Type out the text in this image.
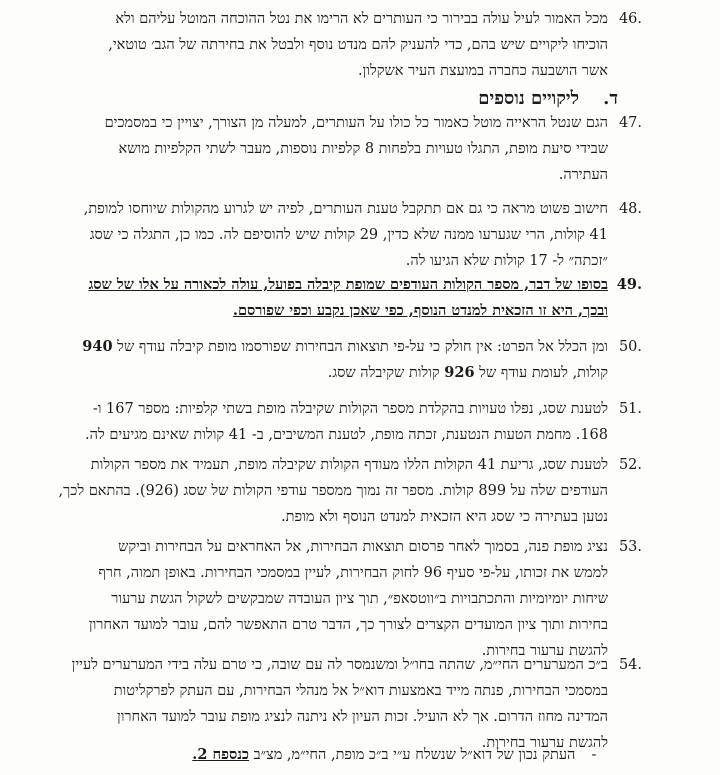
46.
מכל האמור לעיל עולה בבירור כי העותרים לא הרימו את נטל ההוכחה המוטל עליהם ולא
הוכיחו ליקויים שיש בהם, כדי להעניק להם מנדט נוסף ולבטל את בחירתה של הגב׳ טוטאי,
אשר הושבעה כחברה במועצת העיר אשקלון.
ד.ליקויים נוספים
47.
הגם שנטל הראייה מוטל כאמור כל כולו על העותרים, למעלה מן הצורך, יצויין כי במסמכים
שבידי סיעת מופת, התגלו טעויות בלפחות 8 קלפיות נוספות, מעבר לשתי הקלפיות מושא
העתירה.
48.
חישוב פשוט מראה כי גם אם תתקבל טענת העותרים, לפיה יש לגרוע מהקולות שיוחסו למופת,
41 קולות, הרי שגערעו ממנה שלא כדין, 29 קולות שיש להוסיפם לה. כמו כן, התגלה כי שסג
״זכתה״ ל- 17 קולות שלא הגיעו לה.
49.
בסופו של דבר, מספר הקולות העודפים שמופת קיבלה בפועל, עולה לכאורה על אלו של שסג
ובכך, היא זו הזכאית למנדט הנוסף, כפי שאכן נקבע וכפי שפורסם.
50.
ומן הכלל אל הפרט: אין חולק כי על-פי תוצאות הבחירות שפורסמו מופת קיבלה עודף של 940
קולות, לעומת עודף של 926 קולות שקיבלה שסג.
51.
לטענת שסג, נפלו טעויות בהקלדת מספר הקולות שקיבלה מופת בשתי קלפיות: מספר 167 ו-
168. מחמת הטעות הנטענת, זכתה מופת, לטענת המשיבים, ב- 41 קולות שאינם מגיעים לה.
52.
לטענת שסג, גריעת 41 הקולות הללו מעודף הקולות שקיבלה מופת, תעמיד את מספר הקולות
העודפים שלה על 899 קולות. מספר זה נמוך ממספר עודפי הקולות של שסג (926). בהתאם לכך,
נטען בעתירה כי שסג היא הזכאית למנדט הנוסף ולא מופת.
53.
נציג מופת פנה, בסמוך לאחר פרסום תוצאות הבחירות, אל האחראים על הבחירות וביקש
לממש את זכותו, על-פי סעיף 96 לחוק הבחירות, לעיין במסמכי הבחירות. באופן תמוה, חרף
שיחות יומיומיות והתכתבויות ב״ווטסאפ״, תוך ציון העובדה שמבקשים לשקול הגשת ערעור
בחירות ותוך ציון המועדים הקצרים לצורך כך, הדבר טרם התאפשר להם, עובר למועד האחרון
להגשת ערעור בחירות.
54.
ב״כ המערערים החי״מ, שהתה בחו״ל ומשנמסר לה עם שובה, כי טרם עלה בידי המערערים לעיין
במסמכי הבחירות, פנתה מייד באמצעות דוא״ל אל מנהלי הבחירות, עם העתק לפרקליטות
המדינה מחוז הדרום. אך לא הועיל. זכות העיון לא ניתנה לנציג מופת עובר למועד האחרון
להגשת ערעור בחירות.
- העתק נכון של דוא״ל שנשלח ע״י ב״כ מופת, החי״מ, מצ״ב כנספח 2.
